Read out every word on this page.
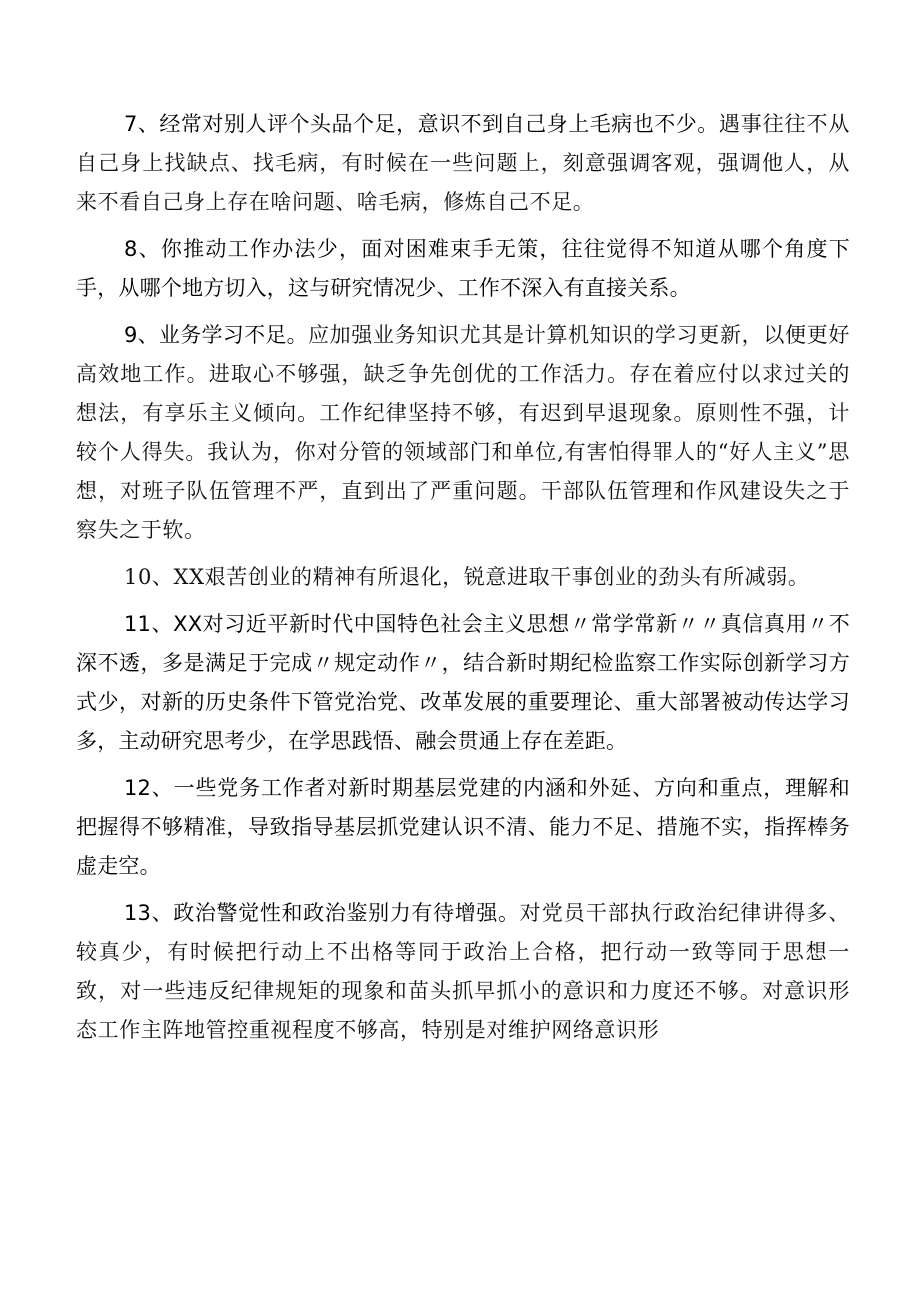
7、经常对别人评个头品个足，意识不到自己身上毛病也不少。遇事往往不从自己身上找缺点、找毛病，有时候在一些问题上，刻意强调客观，强调他人，从来不看自己身上存在啥问题、啥毛病，修炼自己不足。

8、你推动工作办法少，面对困难束手无策，往往觉得不知道从哪个角度下手，从哪个地方切入，这与研究情况少、工作不深入有直接关系。

9、业务学习不足。应加强业务知识尤其是计算机知识的学习更新，以便更好高效地工作。进取心不够强，缺乏争先创优的工作活力。存在着应付以求过关的想法，有享乐主义倾向。工作纪律坚持不够，有迟到早退现象。原则性不强，计较个人得失。我认为，你对分管的领域部门和单位,有害怕得罪人的“好人主义”思想，对班子队伍管理不严，直到出了严重问题。干部队伍管理和作风建设失之于察失之于软。

10、XX艰苦创业的精神有所退化，锐意进取干事创业的劲头有所减弱。

11、XX对习近平新时代中国特色社会主义思想〃常学常新〃〃真信真用〃不深不透，多是满足于完成〃规定动作〃，结合新时期纪检监察工作实际创新学习方式少，对新的历史条件下管党治党、改革发展的重要理论、重大部署被动传达学习多，主动研究思考少，在学思践悟、融会贯通上存在差距。

12、一些党务工作者对新时期基层党建的内涵和外延、方向和重点，理解和把握得不够精准，导致指导基层抓党建认识不清、能力不足、措施不实，指挥棒务虚走空。

13、政治警觉性和政治鉴别力有待增强。对党员干部执行政治纪律讲得多、较真少，有时候把行动上不出格等同于政治上合格，把行动一致等同于思想一致，对一些违反纪律规矩的现象和苗头抓早抓小的意识和力度还不够。对意识形态工作主阵地管控重视程度不够高，特别是对维护网络意识形
